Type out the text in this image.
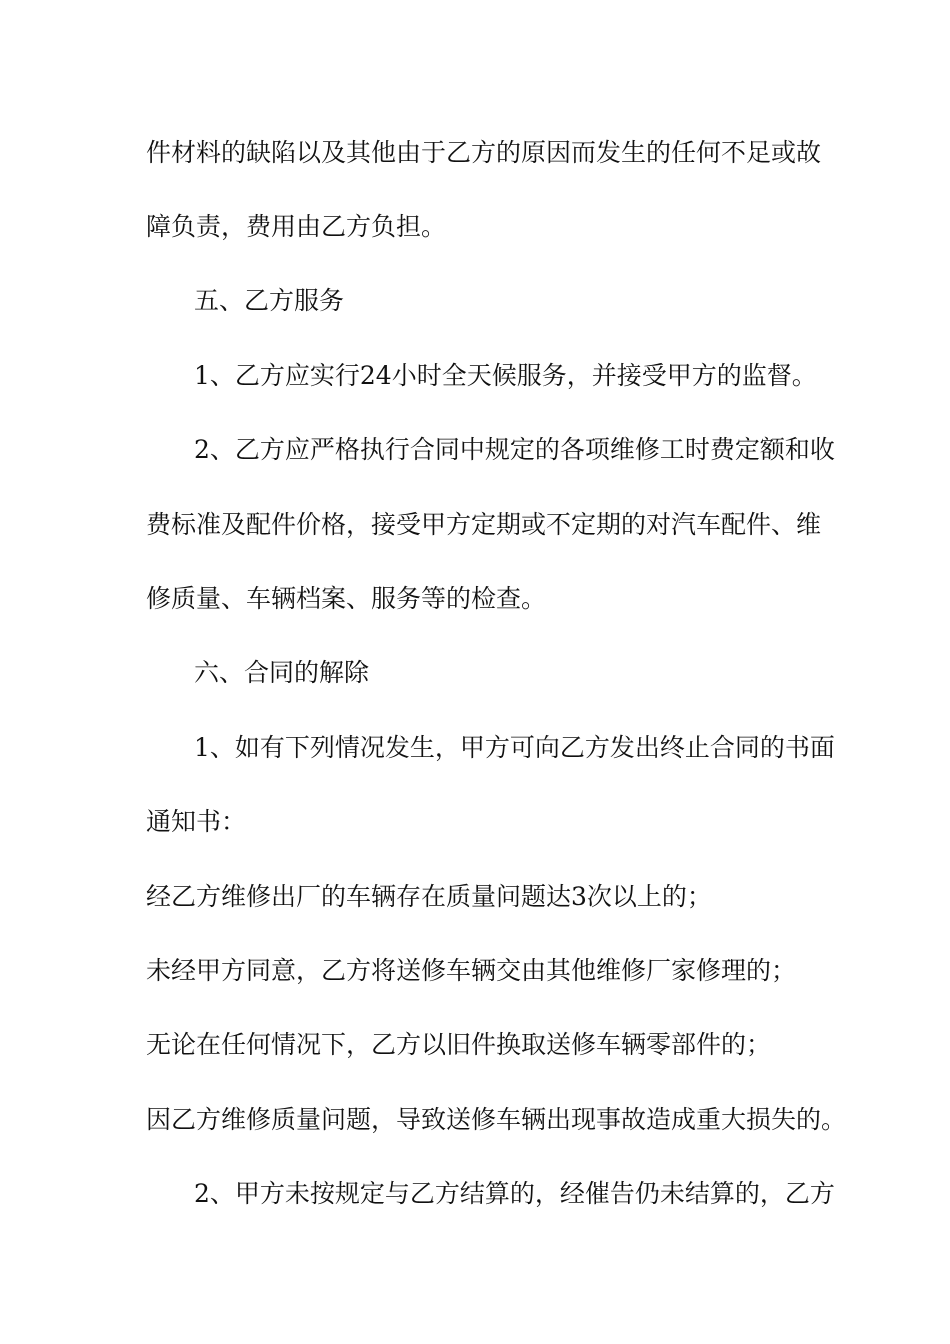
件材料的缺陷以及其他由于乙方的原因而发生的任何不足或故
障负责，费用由乙方负担。
五、乙方服务
1、乙方应实行24小时全天候服务，并接受甲方的监督。
2、乙方应严格执行合同中规定的各项维修工时费定额和收
费标准及配件价格，接受甲方定期或不定期的对汽车配件、维
修质量、车辆档案、服务等的检查。
六、合同的解除
1、如有下列情况发生，甲方可向乙方发出终止合同的书面
通知书：
经乙方维修出厂的车辆存在质量问题达3次以上的；
未经甲方同意，乙方将送修车辆交由其他维修厂家修理的；
无论在任何情况下，乙方以旧件换取送修车辆零部件的；
因乙方维修质量问题，导致送修车辆出现事故造成重大损失的。
2、甲方未按规定与乙方结算的，经催告仍未结算的，乙方
